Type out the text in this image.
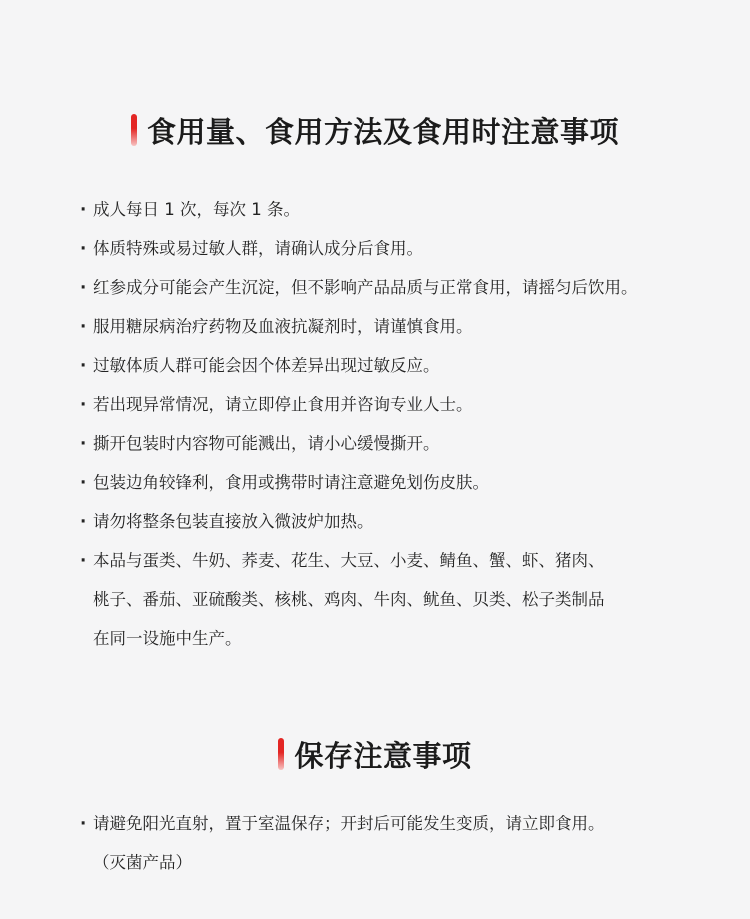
食用量、食用方法及食用时注意事项
· 成人每日 1 次，每次 1 条。
· 体质特殊或易过敏人群，请确认成分后食用。
· 红参成分可能会产生沉淀，但不影响产品品质与正常食用，请摇匀后饮用。
· 服用糖尿病治疗药物及血液抗凝剂时，请谨慎食用。
· 过敏体质人群可能会因个体差异出现过敏反应。
· 若出现异常情况，请立即停止食用并咨询专业人士。
· 撕开包装时内容物可能溅出，请小心缓慢撕开。
· 包装边角较锋利，食用或携带时请注意避免划伤皮肤。
· 请勿将整条包装直接放入微波炉加热。
· 本品与蛋类、牛奶、荞麦、花生、大豆、小麦、鲭鱼、蟹、虾、猪肉、
桃子、番茄、亚硫酸类、核桃、鸡肉、牛肉、鱿鱼、贝类、松子类制品
在同一设施中生产。
保存注意事项
· 请避免阳光直射，置于室温保存；开封后可能发生变质，请立即食用。
（灭菌产品）
